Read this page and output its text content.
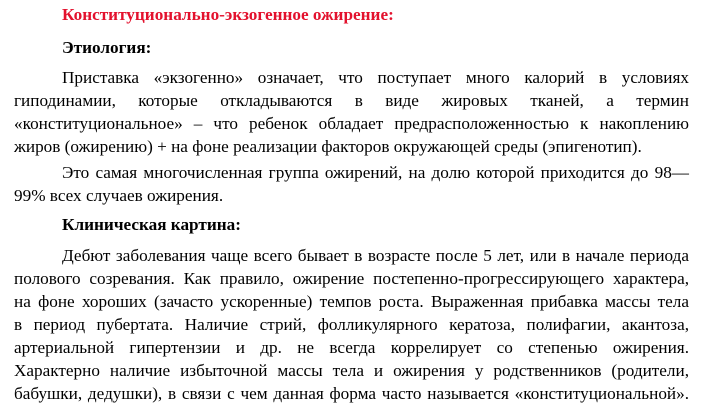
Конституционально-экзогенное ожирение:
Этиология:
Приставка «экзогенно» означает, что поступает много калорий в условиях
гиподинамии, которые откладываются в виде жировых тканей, а термин
«конституциональное» – что ребенок обладает предрасположенностью к накоплению
жиров (ожирению) + на фоне реализации факторов окружающей среды (эпигенотип).
Это самая многочисленная группа ожирений, на долю которой приходится до 98—
99% всех случаев ожирения.
Клиническая картина:
Дебют заболевания чаще всего бывает в возрасте после 5 лет, или в начале периода
полового созревания. Как правило, ожирение постепенно-прогрессирующего характера,
на фоне хороших (зачасто ускоренные) темпов роста. Выраженная прибавка массы тела
в период пубертата. Наличие стрий, фолликулярного кератоза, полифагии, акантоза,
артериальной гипертензии и др. не всегда коррелирует со степенью ожирения.
Характерно наличие избыточной массы тела и ожирения у родственников (родители,
бабушки, дедушки), в связи с чем данная форма часто называется «конституциональной».
